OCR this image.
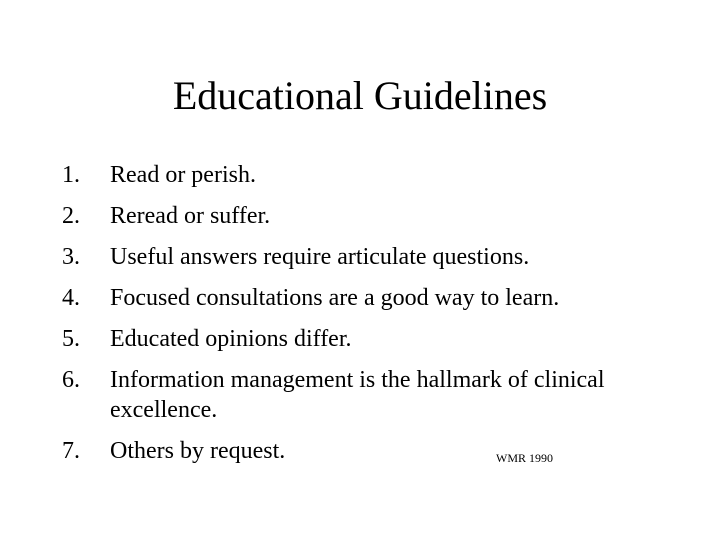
Educational Guidelines
1. Read or perish.
2. Reread or suffer.
3. Useful answers require articulate questions.
4. Focused consultations are a good way to learn.
5. Educated opinions differ.
6. Information management is the hallmark of clinical excellence.
7. Others by request.	WMR 1990
